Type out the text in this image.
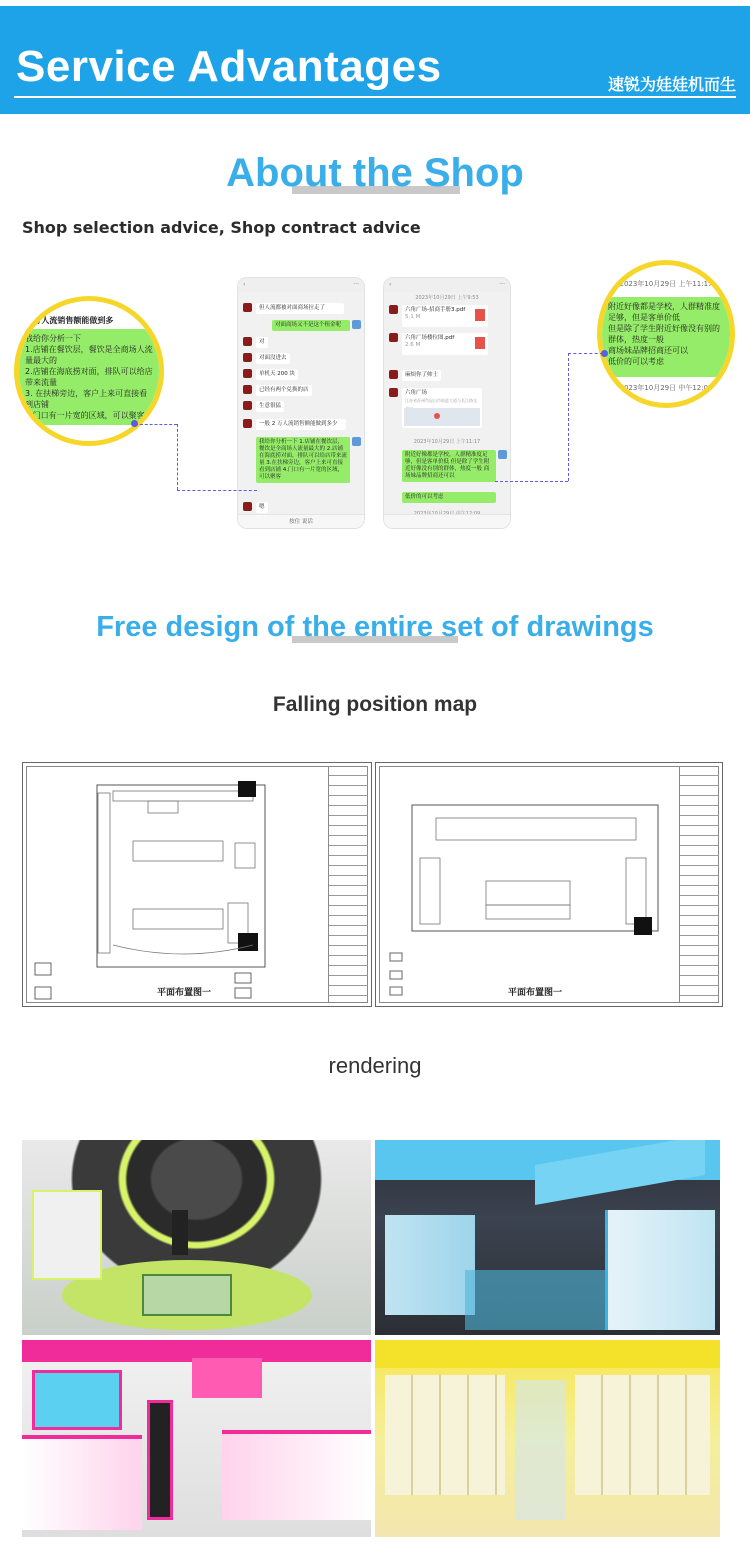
Service Advantages	速锐为娃娃机而生
About the Shop
Shop selection advice, Shop contract advice
‹	···
但人流都被对面商场拉走了
对面商场又不是这个租金呢
对
对面没进去
单机天 200 块
已经有两个兑换的店
生意很猛
一般 2 万人流销售额能做到多少
我给你分析一下 1.店铺在餐饮层，餐饮是全商场人流量最大的 2.店铺在海底捞对面，排队可以给店带来流量 3.在扶梯旁边，客户上来可直接看到店铺 4.门口有一片宽的区域，可以聚客
嗯
按住 说话
‹	···
2023年10月29日 上午9:53
六角广场-招商手册3.pdf
5.1 M
六角广场楼位图.pdf
2.6 M
麻烦你了帅士
六角广场
江苏省苏州市昆山市前进大道与长江路交
2023年10月29日 上午11:17
附近好像都是学校，人群精准度足够，但是客单价低 但是除了学生附近好像没有别的群体，热度一般 商场妹品牌招商还可以
低价的可以考虑
2 万人流销售额能做到多
我给你分析一下
1.店铺在餐饮层，餐饮是全商场人流量最大的
2.店铺在海底捞对面，排队可以给店带来流量
3. 在扶梯旁边，客户上来可直接看到店铺
4.门口有一片宽的区域，可以聚客
2023年10月29日 上午11:17
附近好像都是学校，人群精准度足够，但是客单价低
但是除了学生附近好像没有别的群体，热度一般
商场妹品牌招商还可以
低价的可以考虑
2023年10月29日 中午12:09
Free design of the entire set of drawings
Falling position map
平面布置图一	平面布置图一
rendering
